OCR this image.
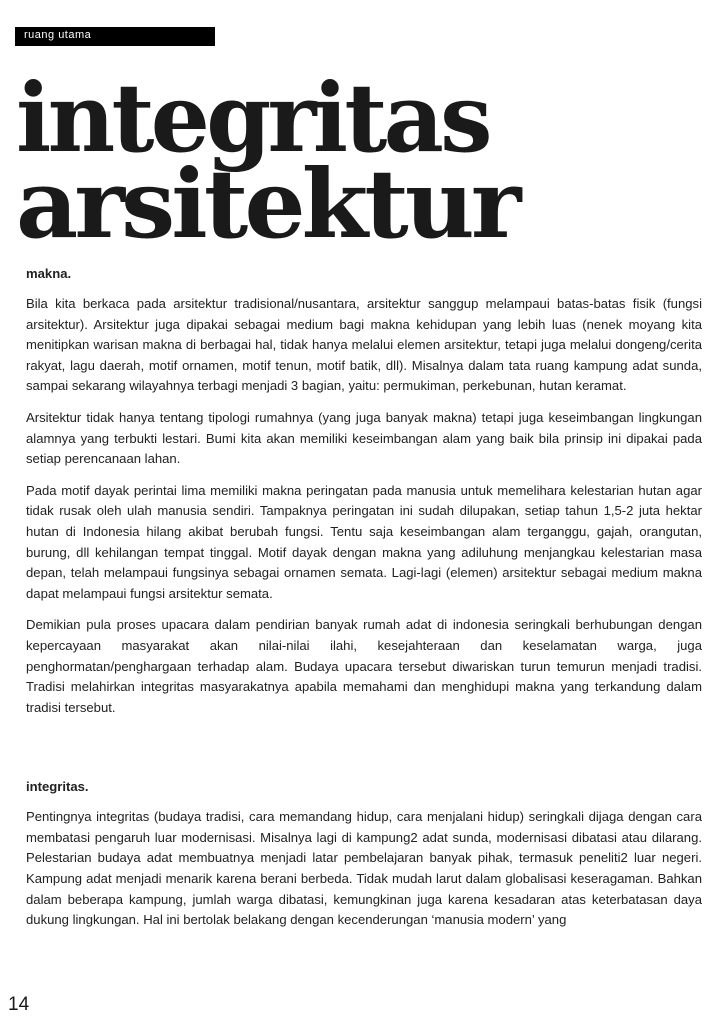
ruang utama
integritas
arsitektur
makna.

Bila kita berkaca pada arsitektur tradisional/nusantara, arsitektur sanggup melampaui batas-batas fisik (fungsi arsitektur). Arsitektur juga dipakai sebagai medium bagi makna kehidupan yang lebih luas (nenek moyang kita menitipkan warisan makna di berbagai hal, tidak hanya melalui elemen arsitektur, tetapi juga melalui dongeng/cerita rakyat, lagu daerah, motif ornamen, motif tenun, motif batik, dll). Misalnya dalam tata ruang kampung adat sunda, sampai sekarang wilayahnya terbagi menjadi 3 bagian, yaitu: permukiman, perkebunan, hutan keramat.

Arsitektur tidak hanya tentang tipologi rumahnya (yang juga banyak makna) tetapi juga keseimbangan lingkungan alamnya yang terbukti lestari. Bumi kita akan memiliki keseimbangan alam yang baik bila prinsip ini dipakai pada setiap perencanaan lahan.

Pada motif dayak perintai lima memiliki makna peringatan pada manusia untuk memelihara kelestarian hutan agar tidak rusak oleh ulah manusia sendiri. Tampaknya peringatan ini sudah dilupakan, setiap tahun 1,5-2 juta hektar hutan di Indonesia hilang akibat berubah fungsi. Tentu saja keseimbangan alam terganggu, gajah, orangutan, burung, dll kehilangan tempat tinggal. Motif dayak dengan makna yang adiluhung menjangkau kelestarian masa depan, telah melampaui fungsinya sebagai ornamen semata. Lagi-lagi (elemen) arsitektur sebagai medium makna dapat melampaui fungsi arsitektur semata.

Demikian pula proses upacara dalam pendirian banyak rumah adat di indonesia seringkali berhubungan dengan kepercayaan masyarakat akan nilai-nilai ilahi, kesejahteraan dan keselamatan warga, juga penghormatan/penghargaan terhadap alam. Budaya upacara tersebut diwariskan turun temurun menjadi tradisi. Tradisi melahirkan integritas masyarakatnya apabila memahami dan menghidupi makna yang terkandung dalam tradisi tersebut.

integritas.

Pentingnya integritas (budaya tradisi, cara memandang hidup, cara menjalani hidup) seringkali dijaga dengan cara membatasi pengaruh luar modernisasi. Misalnya lagi di kampung2 adat sunda, modernisasi dibatasi atau dilarang. Pelestarian budaya adat membuatnya menjadi latar pembelajaran banyak pihak, termasuk peneliti2 luar negeri. Kampung adat menjadi menarik karena berani berbeda. Tidak mudah larut dalam globalisasi keseragaman. Bahkan dalam beberapa kampung, jumlah warga dibatasi, kemungkinan juga karena kesadaran atas keterbatasan daya dukung lingkungan. Hal ini bertolak belakang dengan kecenderungan ‘manusia modern’ yang

14
